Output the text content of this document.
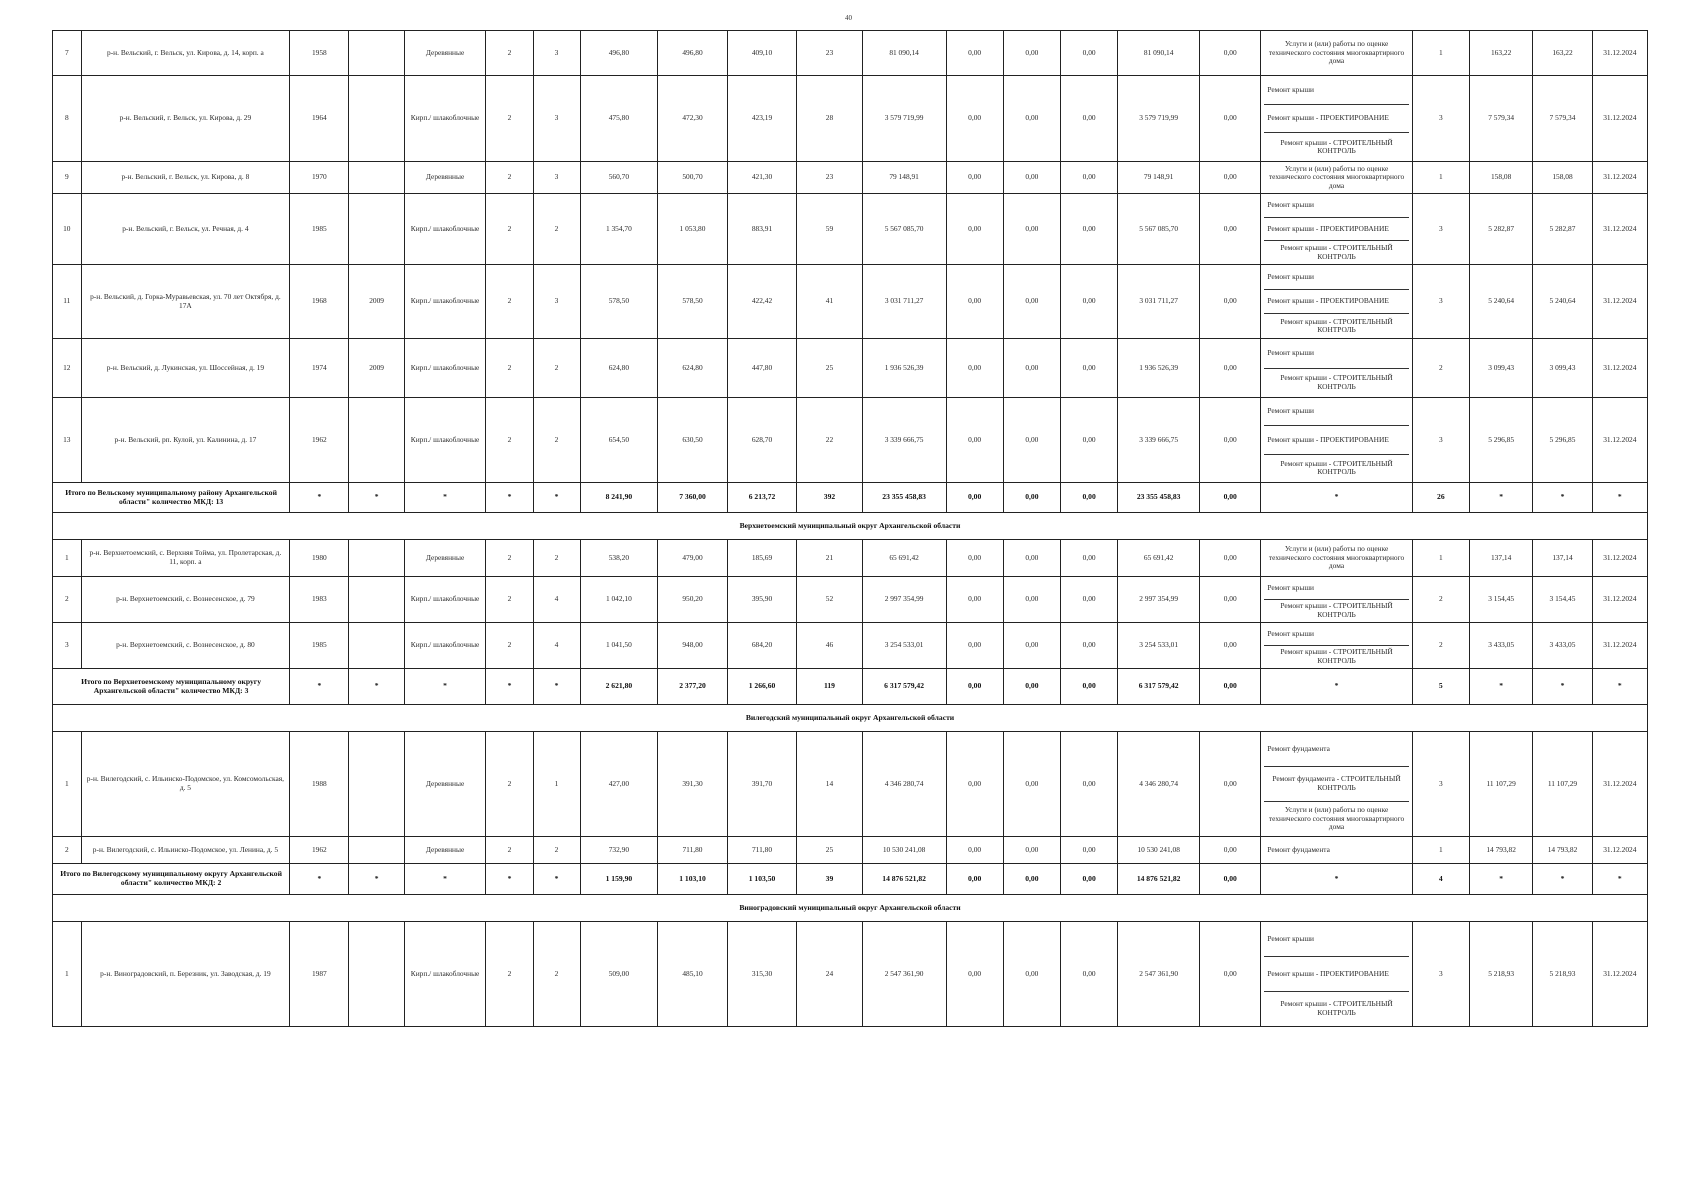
40
7	р-н. Вельский, г. Вельск, ул. Кирова, д. 14, корп. а	1958		Деревянные	2	3	496,80	496,80	409,10	23	81 090,14	0,00	0,00	0,00	81 090,14	0,00	Услуги и (или) работы по оценке технического состояния многоквартирного дома	1	163,22	163,22	31.12.2024
8	р-н. Вельский, г. Вельск, ул. Кирова, д. 29	1964		Кирп./ шлакоблочные	2	3	475,80	472,30	423,19	28	3 579 719,99	0,00	0,00	0,00	3 579 719,99	0,00	Ремонт крыши
Ремонт крыши - ПРОЕКТИРОВАНИЕ
Ремонт крыши - СТРОИТЕЛЬНЫЙ КОНТРОЛЬ	3	7 579,34	7 579,34	31.12.2024
9	р-н. Вельский, г. Вельск, ул. Кирова, д. 8	1970		Деревянные	2	3	560,70	500,70	421,30	23	79 148,91	0,00	0,00	0,00	79 148,91	0,00	Услуги и (или) работы по оценке технического состояния многоквартирного дома	1	158,08	158,08	31.12.2024
10	р-н. Вельский, г. Вельск, ул. Речная, д. 4	1985		Кирп./ шлакоблочные	2	2	1 354,70	1 053,80	883,91	59	5 567 085,70	0,00	0,00	0,00	5 567 085,70	0,00	Ремонт крыши
Ремонт крыши - ПРОЕКТИРОВАНИЕ
Ремонт крыши - СТРОИТЕЛЬНЫЙ КОНТРОЛЬ	3	5 282,87	5 282,87	31.12.2024
11	р-н. Вельский, д. Горка-Муравьевская, ул. 70 лет Октября, д. 17А	1968	2009	Кирп./ шлакоблочные	2	3	578,50	578,50	422,42	41	3 031 711,27	0,00	0,00	0,00	3 031 711,27	0,00	Ремонт крыши
Ремонт крыши - ПРОЕКТИРОВАНИЕ
Ремонт крыши - СТРОИТЕЛЬНЫЙ КОНТРОЛЬ	3	5 240,64	5 240,64	31.12.2024
12	р-н. Вельский, д. Лукинская, ул. Шоссейная, д. 19	1974	2009	Кирп./ шлакоблочные	2	2	624,80	624,80	447,80	25	1 936 526,39	0,00	0,00	0,00	1 936 526,39	0,00	Ремонт крыши
Ремонт крыши - СТРОИТЕЛЬНЫЙ КОНТРОЛЬ	2	3 099,43	3 099,43	31.12.2024
13	р-н. Вельский, рп. Кулой, ул. Калинина, д. 17	1962		Кирп./ шлакоблочные	2	2	654,50	630,50	628,70	22	3 339 666,75	0,00	0,00	0,00	3 339 666,75	0,00	Ремонт крыши
Ремонт крыши - ПРОЕКТИРОВАНИЕ
Ремонт крыши - СТРОИТЕЛЬНЫЙ КОНТРОЛЬ	3	5 296,85	5 296,85	31.12.2024
Итого по Вельскому муниципальному району Архангельской области" количество МКД: 13		*	*	*	*	*	8 241,90	7 360,00	6 213,72	392	23 355 458,83	0,00	0,00	0,00	23 355 458,83	0,00	*	26	*	*	*
Верхнетоемский муниципальный округ Архангельской области																					
1	р-н. Верхнетоемский, с. Верхняя Тойма, ул. Пролетарская, д. 11, корп. а	1980		Деревянные	2	2	538,20	479,00	185,69	21	65 691,42	0,00	0,00	0,00	65 691,42	0,00	Услуги и (или) работы по оценке технического состояния многоквартирного дома	1	137,14	137,14	31.12.2024
2	р-н. Верхнетоемский, с. Вознесенское, д. 79	1983		Кирп./ шлакоблочные	2	4	1 042,10	950,20	395,90	52	2 997 354,99	0,00	0,00	0,00	2 997 354,99	0,00	Ремонт крыши
Ремонт крыши - СТРОИТЕЛЬНЫЙ КОНТРОЛЬ	2	3 154,45	3 154,45	31.12.2024
3	р-н. Верхнетоемский, с. Вознесенское, д. 80	1985		Кирп./ шлакоблочные	2	4	1 041,50	948,00	684,20	46	3 254 533,01	0,00	0,00	0,00	3 254 533,01	0,00	Ремонт крыши
Ремонт крыши - СТРОИТЕЛЬНЫЙ КОНТРОЛЬ	2	3 433,05	3 433,05	31.12.2024
Итого по Верхнетоемскому муниципальному округу Архангельской области" количество МКД: 3		*	*	*	*	*	2 621,80	2 377,20	1 266,60	119	6 317 579,42	0,00	0,00	0,00	6 317 579,42	0,00	*	5	*	*	*
Вилегодский муниципальный округ Архангельской области																					
1	р-н. Вилегодский, с. Ильинско-Подомское, ул. Комсомольская, д. 5	1988		Деревянные	2	1	427,00	391,30	391,70	14	4 346 280,74	0,00	0,00	0,00	4 346 280,74	0,00	Ремонт фундамента
Ремонт фундамента - СТРОИТЕЛЬНЫЙ КОНТРОЛЬ
Услуги и (или) работы по оценке технического состояния многоквартирного дома	3	11 107,29	11 107,29	31.12.2024
2	р-н. Вилегодский, с. Ильинско-Подомское, ул. Ленина, д. 5	1962		Деревянные	2	2	732,90	711,80	711,80	25	10 530 241,08	0,00	0,00	0,00	10 530 241,08	0,00	Ремонт фундамента	1	14 793,82	14 793,82	31.12.2024
Итого по Вилегодскому муниципальному округу Архангельской области" количество МКД: 2		*	*	*	*	*	1 159,90	1 103,10	1 103,50	39	14 876 521,82	0,00	0,00	0,00	14 876 521,82	0,00	*	4	*	*	*
Виноградовский муниципальный округ Архангельской области																					
1	р-н. Виноградовский, п. Березник, ул. Заводская, д. 19	1987		Кирп./ шлакоблочные	2	2	509,00	485,10	315,30	24	2 547 361,90	0,00	0,00	0,00	2 547 361,90	0,00	Ремонт крыши
Ремонт крыши - ПРОЕКТИРОВАНИЕ
Ремонт крыши - СТРОИТЕЛЬНЫЙ КОНТРОЛЬ	3	5 218,93	5 218,93	31.12.2024
